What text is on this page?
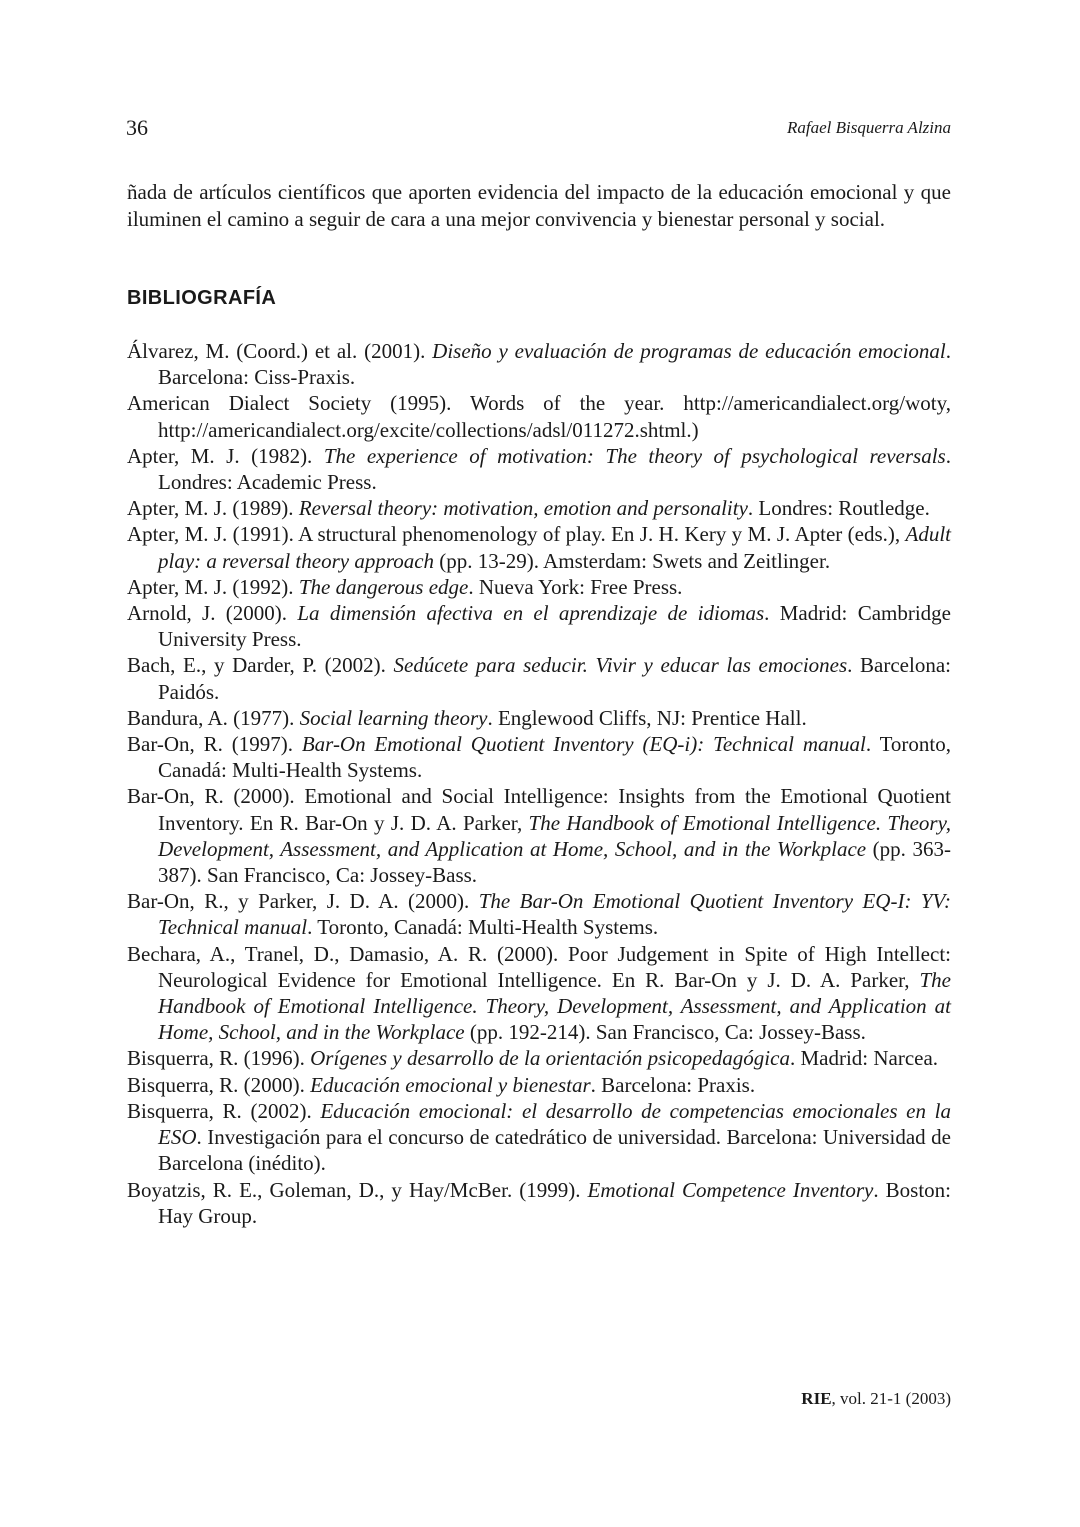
36	Rafael Bisquerra Alzina

ñada de artículos científicos que aporten evidencia del impacto de la educación emocional y que iluminen el camino a seguir de cara a una mejor convivencia y bienestar personal y social.

BIBLIOGRAFÍA
Álvarez, M. (Coord.) et al. (2001). Diseño y evaluación de programas de educación emocional. Barcelona: Ciss-Praxis.
American Dialect Society (1995). Words of the year. http://americandialect.org/woty, http://americandialect.org/excite/collections/adsl/011272.shtml.)
Apter, M. J. (1982). The experience of motivation: The theory of psychological reversals. Londres: Academic Press.
Apter, M. J. (1989). Reversal theory: motivation, emotion and personality. Londres: Routledge.
Apter, M. J. (1991). A structural phenomenology of play. En J. H. Kery y M. J. Apter (eds.), Adult play: a reversal theory approach (pp. 13-29). Amsterdam: Swets and Zeitlinger.
Apter, M. J. (1992). The dangerous edge. Nueva York: Free Press.
Arnold, J. (2000). La dimensión afectiva en el aprendizaje de idiomas. Madrid: Cambridge University Press.
Bach, E., y Darder, P. (2002). Sedúcete para seducir. Vivir y educar las emociones. Barcelona: Paidós.
Bandura, A. (1977). Social learning theory. Englewood Cliffs, NJ: Prentice Hall.
Bar-On, R. (1997). Bar-On Emotional Quotient Inventory (EQ-i): Technical manual. Toronto, Canadá: Multi-Health Systems.
Bar-On, R. (2000). Emotional and Social Intelligence: Insights from the Emotional Quotient Inventory. En R. Bar-On y J. D. A. Parker, The Handbook of Emotional Intelligence. Theory, Development, Assessment, and Application at Home, School, and in the Workplace (pp. 363-387). San Francisco, Ca: Jossey-Bass.
Bar-On, R., y Parker, J. D. A. (2000). The Bar-On Emotional Quotient Inventory EQ-I: YV: Technical manual. Toronto, Canadá: Multi-Health Systems.
Bechara, A., Tranel, D., Damasio, A. R. (2000). Poor Judgement in Spite of High Intellect: Neurological Evidence for Emotional Intelligence. En R. Bar-On y J. D. A. Parker, The Handbook of Emotional Intelligence. Theory, Development, Assessment, and Application at Home, School, and in the Workplace (pp. 192-214). San Francisco, Ca: Jossey-Bass.
Bisquerra, R. (1996). Orígenes y desarrollo de la orientación psicopedagógica. Madrid: Narcea.
Bisquerra, R. (2000). Educación emocional y bienestar. Barcelona: Praxis.
Bisquerra, R. (2002). Educación emocional: el desarrollo de competencias emocionales en la ESO. Investigación para el concurso de catedrático de universidad. Barcelona: Universidad de Barcelona (inédito).
Boyatzis, R. E., Goleman, D., y Hay/McBer. (1999). Emotional Competence Inventory. Boston: Hay Group.
RIE, vol. 21-1 (2003)
